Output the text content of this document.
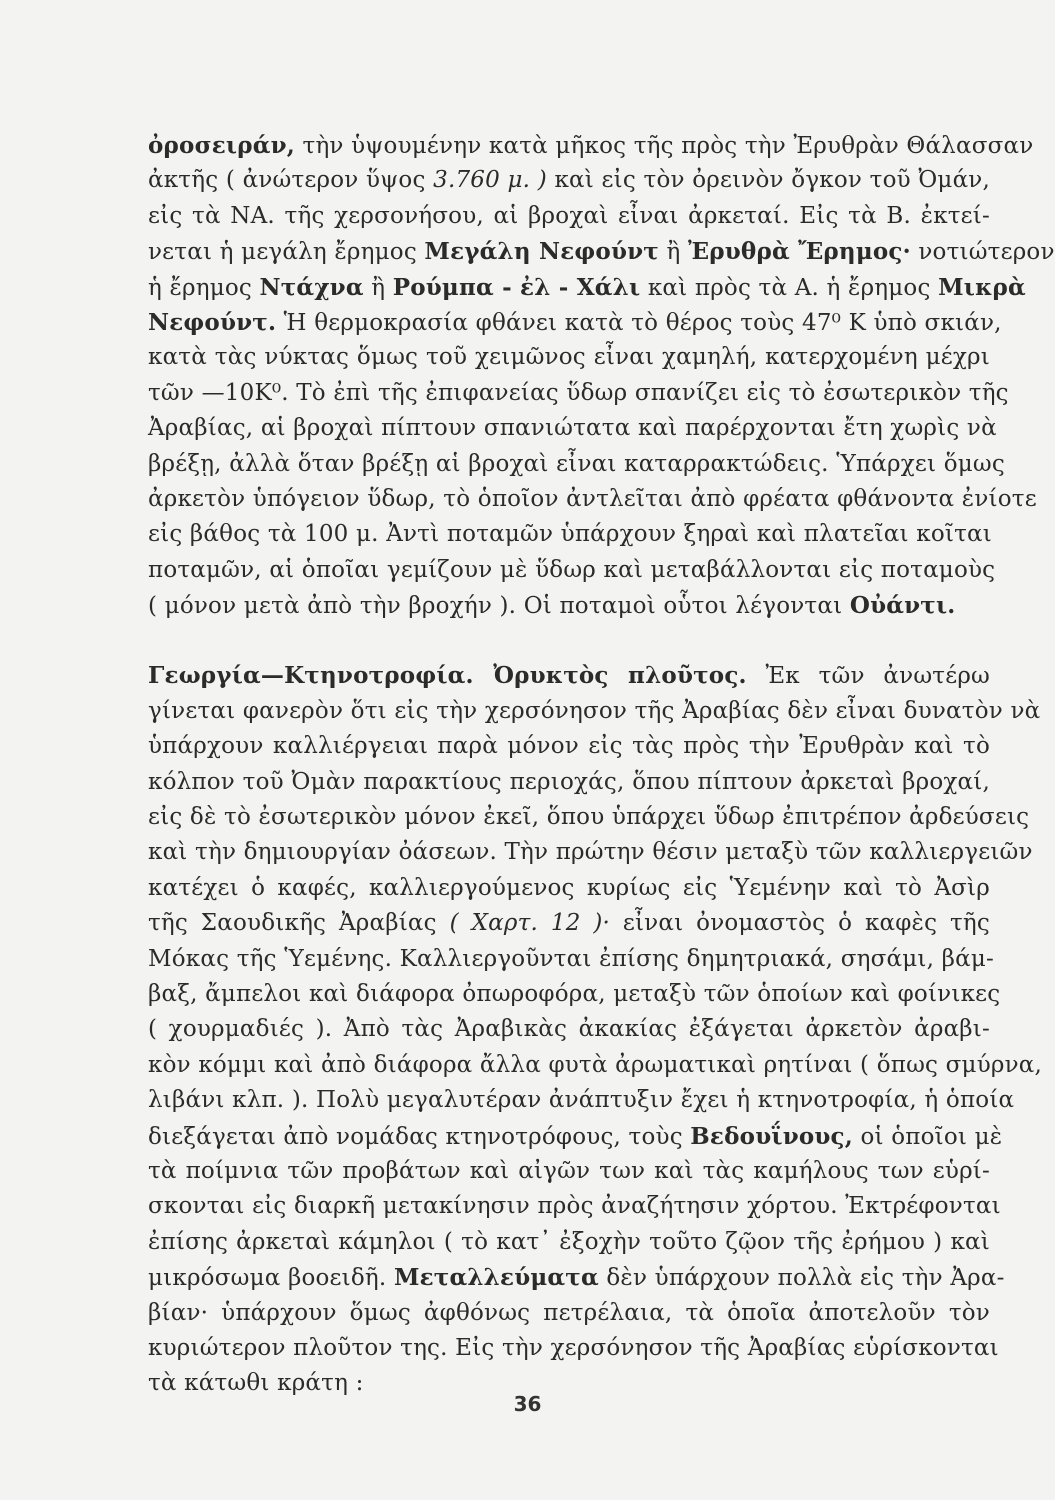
ὀροσειράν, τὴν ὑψουμένην κατὰ μῆκος τῆς πρὸς τὴν Ἐρυθρὰν Θάλασσαν
ἀκτῆς ( ἀνώτερον ὕψος 3.760 μ. ) καὶ εἰς τὸν ὀρεινὸν ὄγκον τοῦ Ὀμάν,
εἰς τὰ ΝΑ. τῆς χερσονήσου, αἱ βροχαὶ εἶναι ἀρκεταί. Εἰς τὰ Β. ἐκτεί-
νεται ἡ μεγάλη ἔρημος Μεγάλη Νεφούντ ἢ Ἐρυθρὰ Ἔρημος· νοτιώτερον
ἡ ἔρημος Ντάχνα ἢ Ρούμπα - ἐλ - Χάλι καὶ πρὸς τὰ Α. ἡ ἔρημος Μικρὰ
Νεφούντ. Ἡ θερμοκρασία φθάνει κατὰ τὸ θέρος τοὺς 47⁰ Κ ὑπὸ σκιάν,
κατὰ τὰς νύκτας ὅμως τοῦ χειμῶνος εἶναι χαμηλή, κατερχομένη μέχρι
τῶν —10Κ⁰. Τὸ ἐπὶ τῆς ἐπιφανείας ὕδωρ σπανίζει εἰς τὸ ἐσωτερικὸν τῆς
Ἀραβίας, αἱ βροχαὶ πίπτουν σπανιώτατα καὶ παρέρχονται ἔτη χωρὶς νὰ
βρέξῃ, ἀλλὰ ὅταν βρέξῃ αἱ βροχαὶ εἶναι καταρρακτώδεις. Ὑπάρχει ὅμως
ἀρκετὸν ὑπόγειον ὕδωρ, τὸ ὁποῖον ἀντλεῖται ἀπὸ φρέατα φθάνοντα ἐνίοτε
εἰς βάθος τὰ 100 μ. Ἀντὶ ποταμῶν ὑπάρχουν ξηραὶ καὶ πλατεῖαι κοῖται
ποταμῶν, αἱ ὁποῖαι γεμίζουν μὲ ὕδωρ καὶ μεταβάλλονται εἰς ποταμοὺς
( μόνον μετὰ ἀπὸ τὴν βροχήν ). Οἱ ποταμοὶ οὗτοι λέγονται Οὐάντι.
Γεωργία—Κτηνοτροφία. Ὀρυκτὸς πλοῦτος. Ἐκ τῶν ἀνωτέρω
γίνεται φανερὸν ὅτι εἰς τὴν χερσόνησον τῆς Ἀραβίας δὲν εἶναι δυνατὸν νὰ
ὑπάρχουν καλλιέργειαι παρὰ μόνον εἰς τὰς πρὸς τὴν Ἐρυθρὰν καὶ τὸ
κόλπον τοῦ Ὀμὰν παρακτίους περιοχάς, ὅπου πίπτουν ἀρκεταὶ βροχαί,
εἰς δὲ τὸ ἐσωτερικὸν μόνον ἐκεῖ, ὅπου ὑπάρχει ὕδωρ ἐπιτρέπον ἀρδεύσεις
καὶ τὴν δημιουργίαν ὀάσεων. Τὴν πρώτην θέσιν μεταξὺ τῶν καλλιεργειῶν
κατέχει ὁ καφές, καλλιεργούμενος κυρίως εἰς Ὑεμένην καὶ τὸ Ἀσὶρ
τῆς Σαουδικῆς Ἀραβίας ( Χαρτ. 12 )· εἶναι ὀνομαστὸς ὁ καφὲς τῆς
Μόκας τῆς Ὑεμένης. Καλλιεργοῦνται ἐπίσης δημητριακά, σησάμι, βάμ-
βαξ, ἄμπελοι καὶ διάφορα ὀπωροφόρα, μεταξὺ τῶν ὁποίων καὶ φοίνικες
( χουρμαδιές ). Ἀπὸ τὰς Ἀραβικὰς ἀκακίας ἐξάγεται ἀρκετὸν ἀραβι-
κὸν κόμμι καὶ ἀπὸ διάφορα ἄλλα φυτὰ ἀρωματικαὶ ρητίναι ( ὅπως σμύρνα,
λιβάνι κλπ. ). Πολὺ μεγαλυτέραν ἀνάπτυξιν ἔχει ἡ κτηνοτροφία, ἡ ὁποία
διεξάγεται ἀπὸ νομάδας κτηνοτρόφους, τοὺς Βεδουΐνους, οἱ ὁποῖοι μὲ
τὰ ποίμνια τῶν προβάτων καὶ αἰγῶν των καὶ τὰς καμήλους των εὑρί-
σκονται εἰς διαρκῆ μετακίνησιν πρὸς ἀναζήτησιν χόρτου. Ἐκτρέφονται
ἐπίσης ἀρκεταὶ κάμηλοι ( τὸ κατ᾿ ἐξοχὴν τοῦτο ζῷον τῆς ἐρήμου ) καὶ
μικρόσωμα βοοειδῆ. Μεταλλεύματα δὲν ὑπάρχουν πολλὰ εἰς τὴν Ἀρα-
βίαν· ὑπάρχουν ὅμως ἀφθόνως πετρέλαια, τὰ ὁποῖα ἀποτελοῦν τὸν
κυριώτερον πλοῦτον της. Εἰς τὴν χερσόνησον τῆς Ἀραβίας εὑρίσκονται
τὰ κάτωθι κράτη :
36
